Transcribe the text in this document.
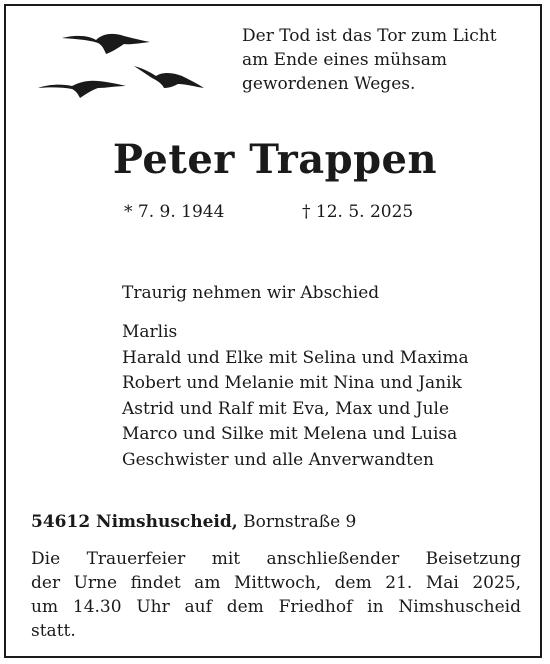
Der Tod ist das Tor zum Licht
am Ende eines mühsam
gewordenen Weges.
Peter Trappen
* 7. 9. 1944	† 12. 5. 2025
Traurig nehmen wir Abschied
Marlis
Harald und Elke mit Selina und Maxima
Robert und Melanie mit Nina und Janik
Astrid und Ralf mit Eva, Max und Jule
Marco und Silke mit Melena und Luisa
Geschwister und alle Anverwandten
54612 Nimshuscheid, Bornstraße 9
Die Trauerfeier mit anschließender Beisetzung
der Urne findet am Mittwoch, dem 21. Mai 2025,
um 14.30 Uhr auf dem Friedhof in Nimshuscheid
statt.
